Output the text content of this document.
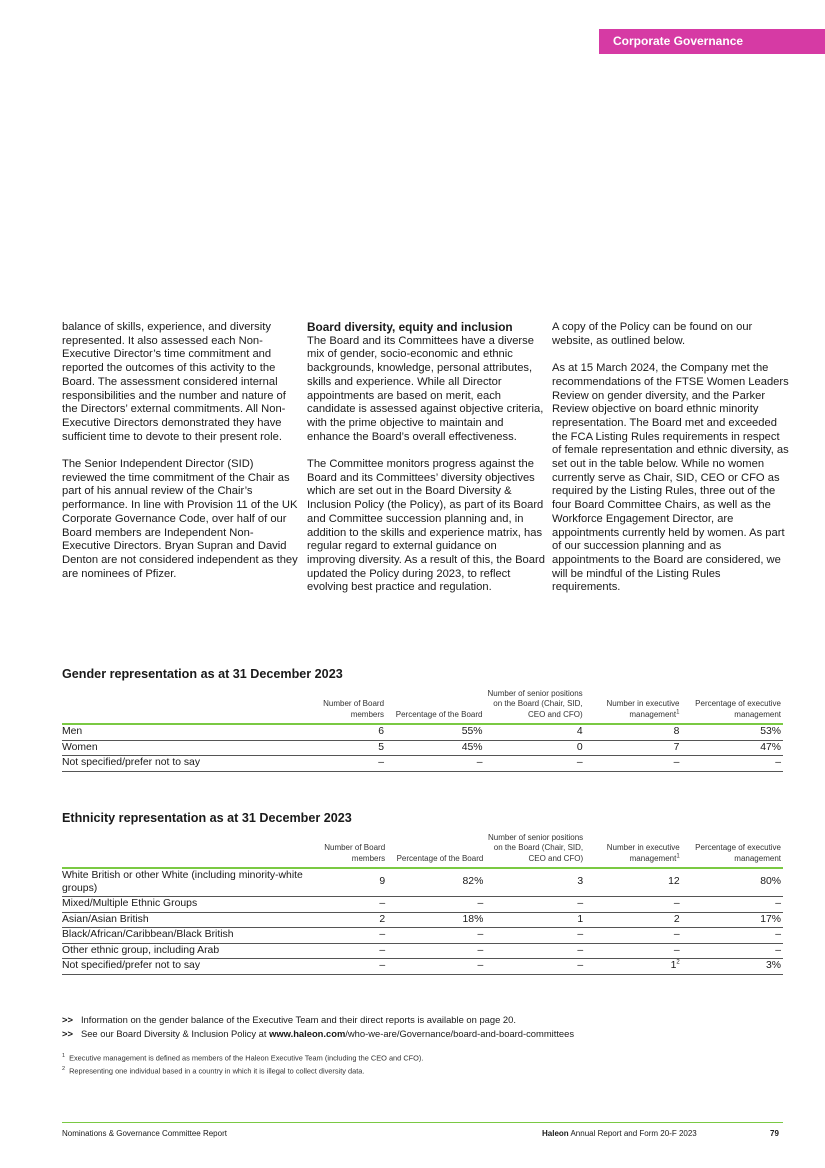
Corporate Governance

balance of skills, experience, and diversity represented. It also assessed each Non-Executive Director’s time commitment and reported the outcomes of this activity to the Board. The assessment considered internal responsibilities and the number and nature of the Directors’ external commitments. All Non-Executive Directors demonstrated they have sufficient time to devote to their present role.

The Senior Independent Director (SID) reviewed the time commitment of the Chair as part of his annual review of the Chair’s performance. In line with Provision 11 of the UK Corporate Governance Code, over half of our Board members are Independent Non-Executive Directors. Bryan Supran and David Denton are not considered independent as they are nominees of Pfizer.

Board diversity, equity and inclusion

The Board and its Committees have a diverse mix of gender, socio-economic and ethnic backgrounds, knowledge, personal attributes, skills and experience. While all Director appointments are based on merit, each candidate is assessed against objective criteria, with the prime objective to maintain and enhance the Board’s overall effectiveness.

The Committee monitors progress against the Board and its Committees’ diversity objectives which are set out in the Board Diversity & Inclusion Policy (the Policy), as part of its Board and Committee succession planning and, in addition to the skills and experience matrix, has regular regard to external guidance on improving diversity. As a result of this, the Board updated the Policy during 2023, to reflect evolving best practice and regulation.

A copy of the Policy can be found on our website, as outlined below.

As at 15 March 2024, the Company met the recommendations of the FTSE Women Leaders Review on gender diversity, and the Parker Review objective on board ethnic minority representation. The Board met and exceeded the FCA Listing Rules requirements in respect of female representation and ethnic diversity, as set out in the table below. While no women currently serve as Chair, SID, CEO or CFO as required by the Listing Rules, three out of the four Board Committee Chairs, as well as the Workforce Engagement Director, are appointments currently held by women. As part of our succession planning and as appointments to the Board are considered, we will be mindful of the Listing Rules requirements.

Gender representation as at 31 December 2023
	Number of Board members	Percentage of the Board	Number of senior positions on the Board (Chair, SID, CEO and CFO)	Number in executive management$^1$	Percentage of executive management
Men	6	55%	4	8	53%
Women	5	45%	0	7	47%
Not specified/prefer not to say	–	–	–	–	–
Ethnicity representation as at 31 December 2023
	Number of Board members	Percentage of the Board	Number of senior positions on the Board (Chair, SID, CEO and CFO)	Number in executive management$^1$	Percentage of executive management
White British or other White (including minority-white groups)	9	82%	3	12	80%
Mixed/Multiple Ethnic Groups	–	–	–	–	–
Asian/Asian British	2	18%	1	2	17%
Black/African/Caribbean/Black British	–	–	–	–	–
Other ethnic group, including Arab	–	–	–	–	–
Not specified/prefer not to say	–	–	–	$1^2$	3%
>> Information on the gender balance of the Executive Team and their direct reports is available on page 20.
>> See our Board Diversity & Inclusion Policy at www.haleon.com/who-we-are/Governance/board-and-board-committees
$^1$ Executive management is defined as members of the Haleon Executive Team (including the CEO and CFO).
$^2$ Representing one individual based in a country in which it is illegal to collect diversity data.
Nominations & Governance Committee Report	Haleon Annual Report and Form 20-F 2023	79
